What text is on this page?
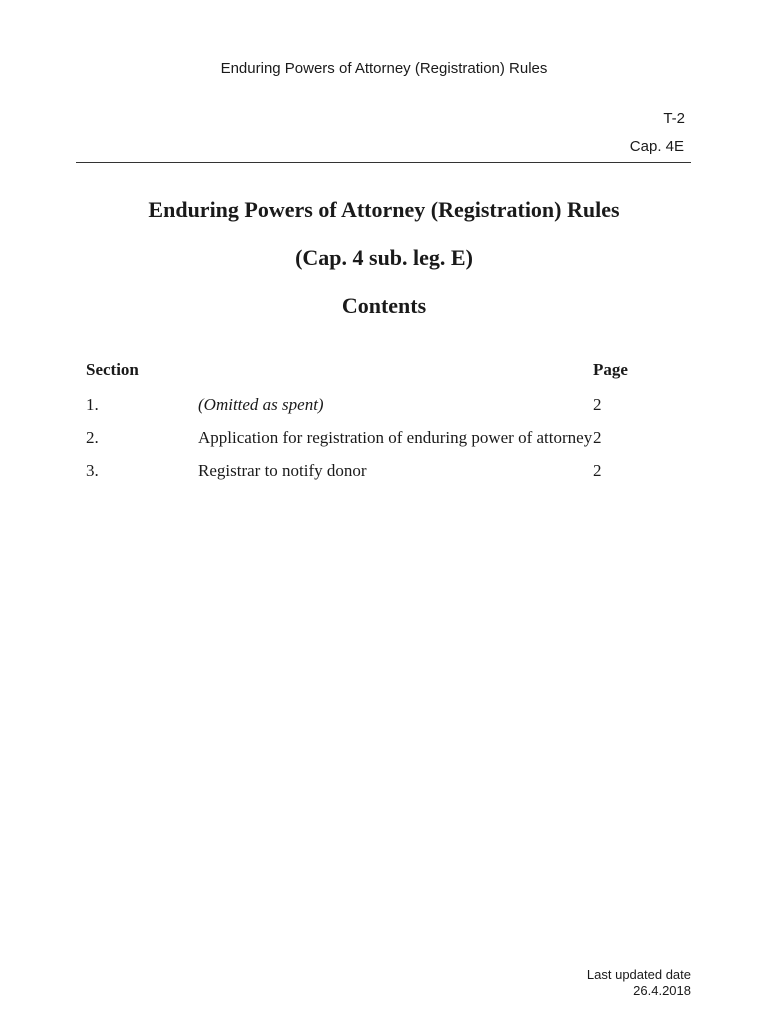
Enduring Powers of Attorney (Registration) Rules
T-2
Cap. 4E
Enduring Powers of Attorney (Registration) Rules
(Cap. 4 sub. leg. E)
Contents
Section	Page
1.	(Omitted as spent)	2
2.	Application for registration of enduring power of attorney 2
3.	Registrar to notify donor	2
Last updated date
26.4.2018
